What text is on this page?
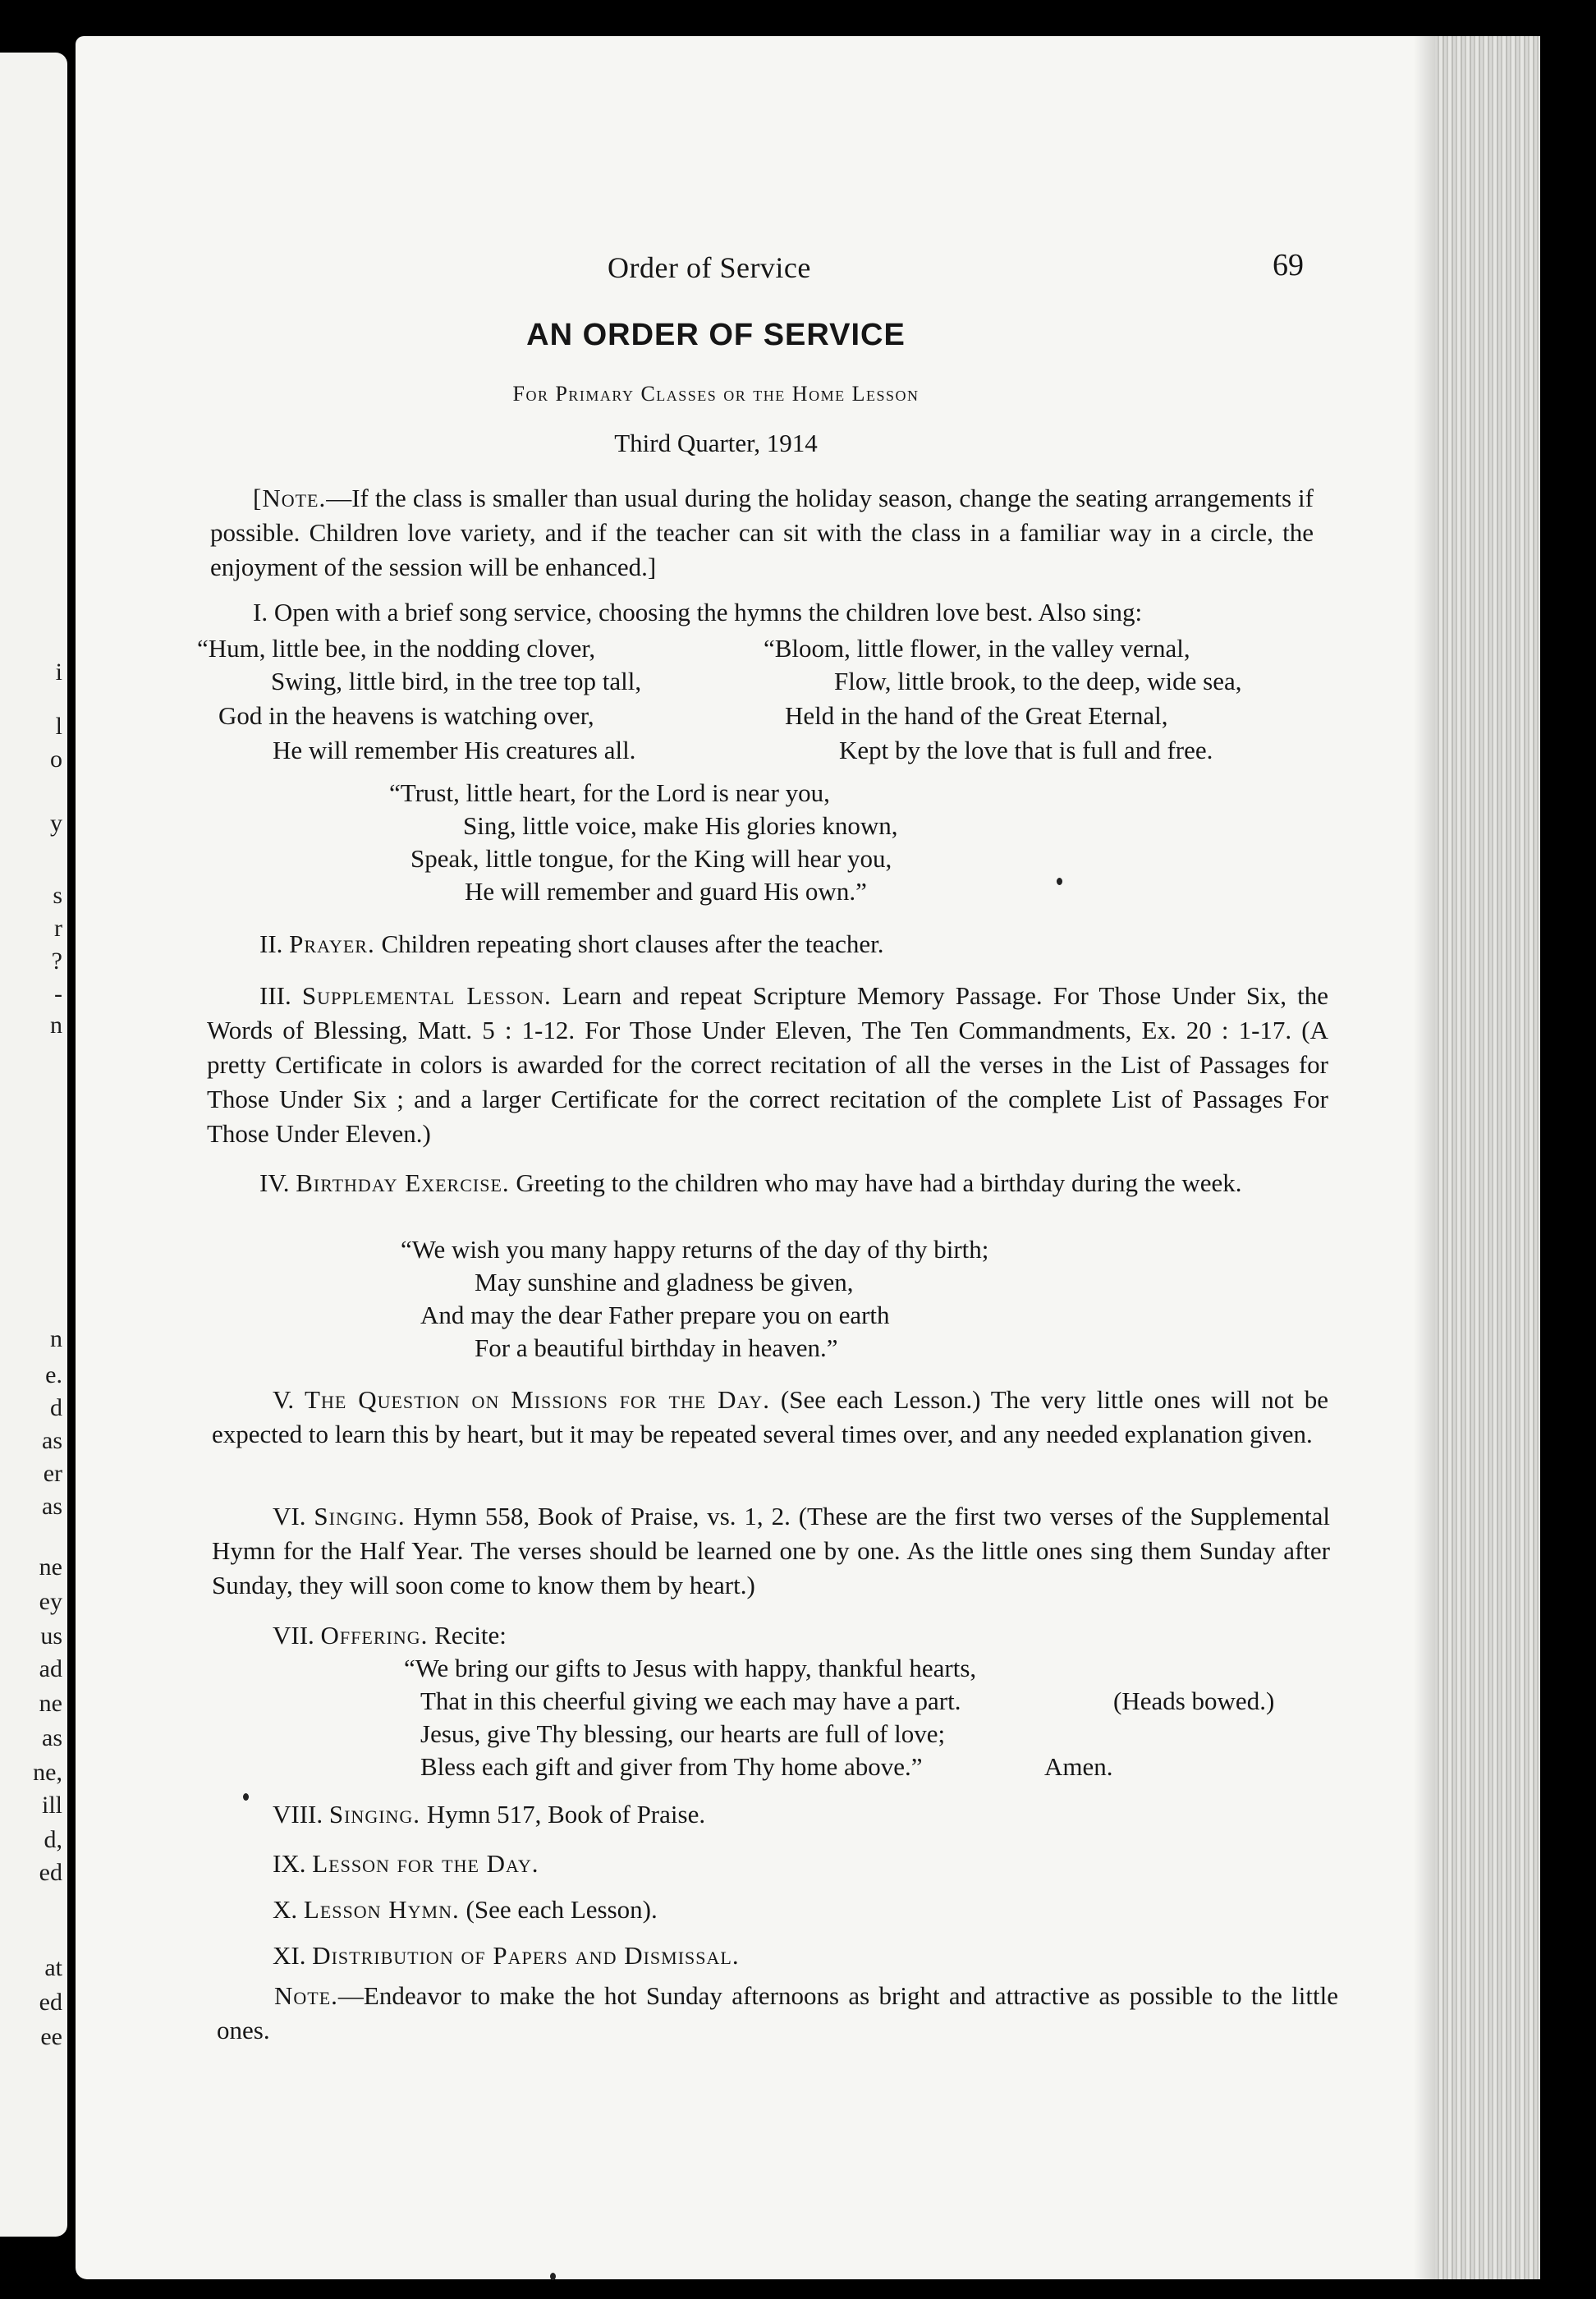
i
l
o
y
s
r
?
-
n
n
e.
d
as
er
as
ne
ey
us
ad
ne
as
ne,
ill
d,
ed
at
ed
ee

Order of Service	69

AN ORDER OF SERVICE

For Primary Classes or the Home Lesson

Third Quarter, 1914

[Note.—If the class is smaller than usual during the holiday season, change the seating arrangements if possible. Children love variety, and if the teacher can sit with the class in a familiar way in a circle, the enjoyment of the session will be enhanced.]

I. Open with a brief song service, choosing the hymns the children love best. Also sing:

“Hum, little bee, in the nodding clover,

Swing, little bird, in the tree top tall,

God in the heavens is watching over,

He will remember His creatures all.

“Bloom, little flower, in the valley vernal,

Flow, little brook, to the deep, wide sea,

Held in the hand of the Great Eternal,

Kept by the love that is full and free.

“Trust, little heart, for the Lord is near you,

Sing, little voice, make His glories known,

Speak, little tongue, for the King will hear you,

He will remember and guard His own.”

II. Prayer. Children repeating short clauses after the teacher.

III. Supplemental Lesson. Learn and repeat Scripture Memory Passage. For Those Under Six, the Words of Blessing, Matt. 5 : 1-12. For Those Under Eleven, The Ten Commandments, Ex. 20 : 1-17. (A pretty Certificate in colors is awarded for the correct recitation of all the verses in the List of Passages for Those Under Six ; and a larger Certificate for the correct recitation of the complete List of Passages For Those Under Eleven.)

IV. Birthday Exercise. Greeting to the children who may have had a birthday during the week.

“We wish you many happy returns of the day of thy birth;

May sunshine and gladness be given,

And may the dear Father prepare you on earth

For a beautiful birthday in heaven.”

V. The Question on Missions for the Day. (See each Lesson.) The very little ones will not be expected to learn this by heart, but it may be repeated several times over, and any needed explanation given.

VI. Singing. Hymn 558, Book of Praise, vs. 1, 2. (These are the first two verses of the Supplemental Hymn for the Half Year. The verses should be learned one by one. As the little ones sing them Sunday after Sunday, they will soon come to know them by heart.)

VII. Offering. Recite:

“We bring our gifts to Jesus with happy, thankful hearts,

That in this cheerful giving we each may have a part.	(Heads bowed.)

Jesus, give Thy blessing, our hearts are full of love;

Bless each gift and giver from Thy home above.”	Amen.

VIII. Singing. Hymn 517, Book of Praise.

IX. Lesson for the Day.

X. Lesson Hymn. (See each Lesson).

XI. Distribution of Papers and Dismissal.

Note.—Endeavor to make the hot Sunday afternoons as bright and attractive as possible to the little ones.
